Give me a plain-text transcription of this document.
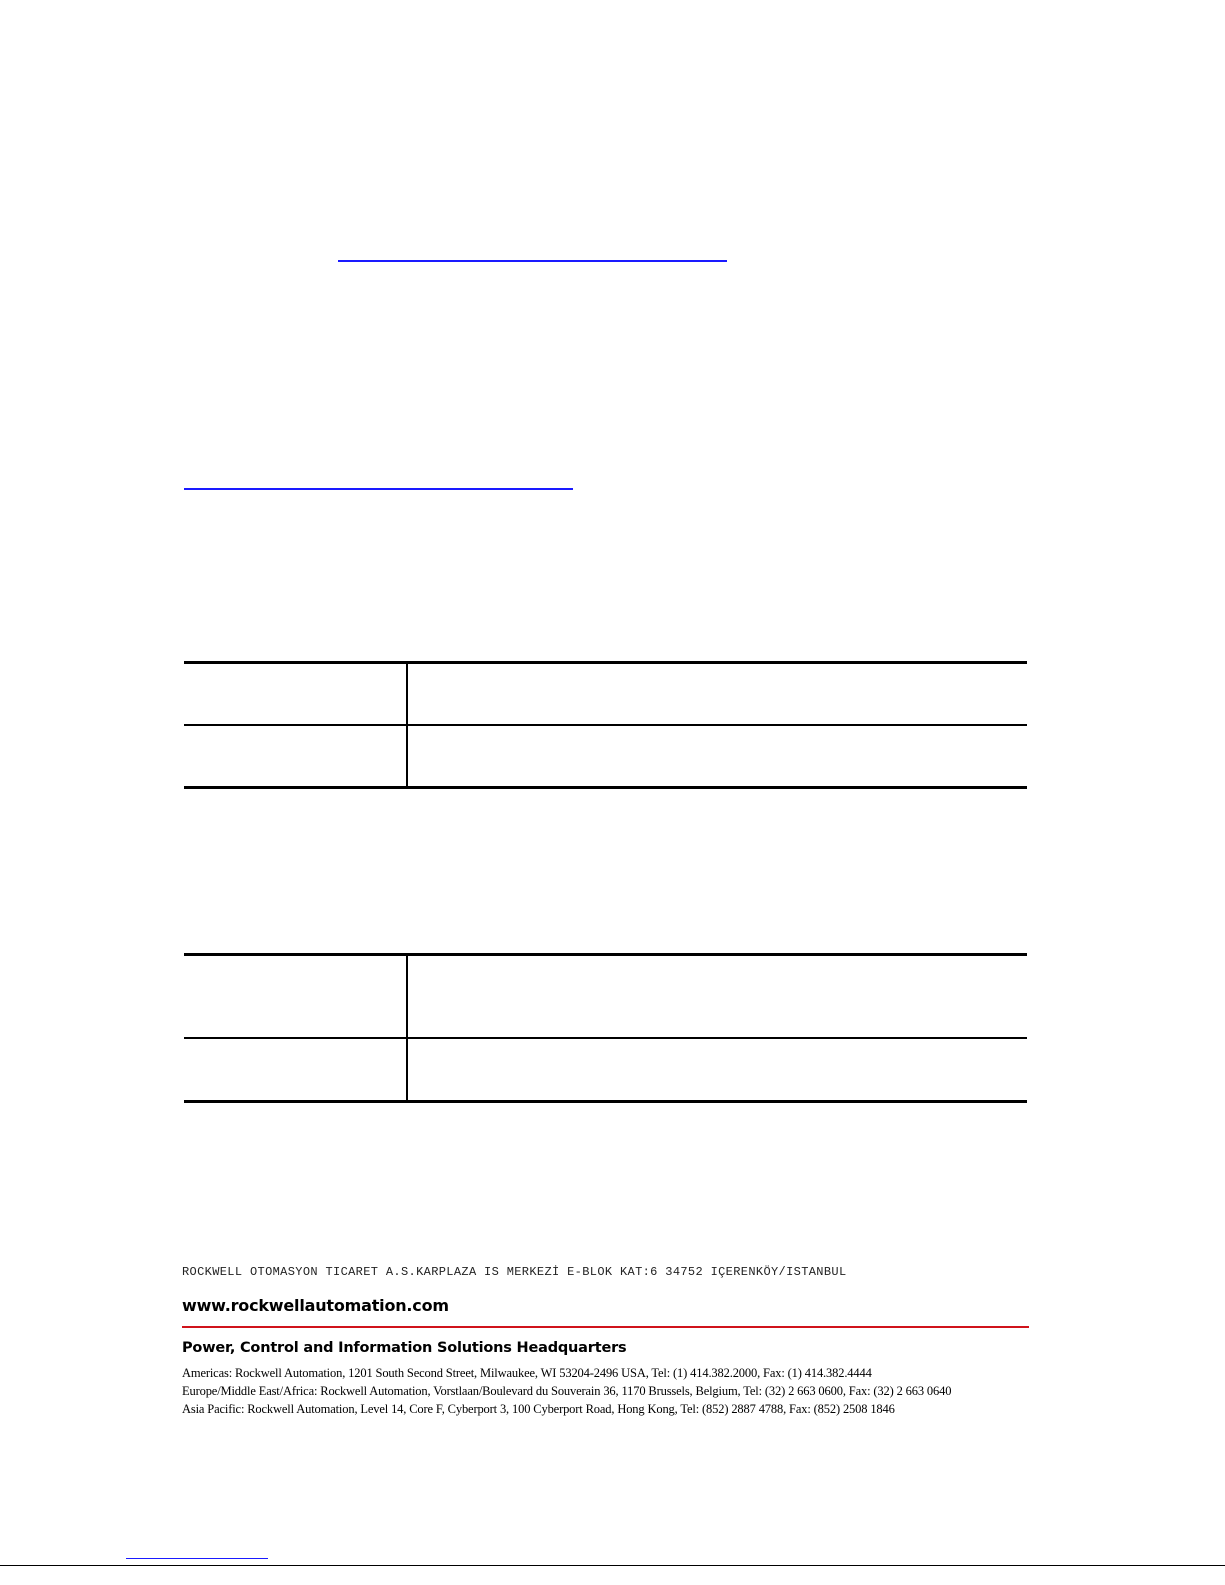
ROCKWELL OTOMASYON TICARET A.S.KARPLAZA IS MERKEZİ E-BLOK KAT:6 34752 IÇERENKÖY/ISTANBUL
www.rockwellautomation.com
Power, Control and Information Solutions Headquarters
Americas: Rockwell Automation, 1201 South Second Street, Milwaukee, WI 53204-2496 USA, Tel: (1) 414.382.2000, Fax: (1) 414.382.4444
Europe/Middle East/Africa: Rockwell Automation, Vorstlaan/Boulevard du Souverain 36, 1170 Brussels, Belgium, Tel: (32) 2 663 0600, Fax: (32) 2 663 0640
Asia Pacific: Rockwell Automation, Level 14, Core F, Cyberport 3, 100 Cyberport Road, Hong Kong, Tel: (852) 2887 4788, Fax: (852) 2508 1846
